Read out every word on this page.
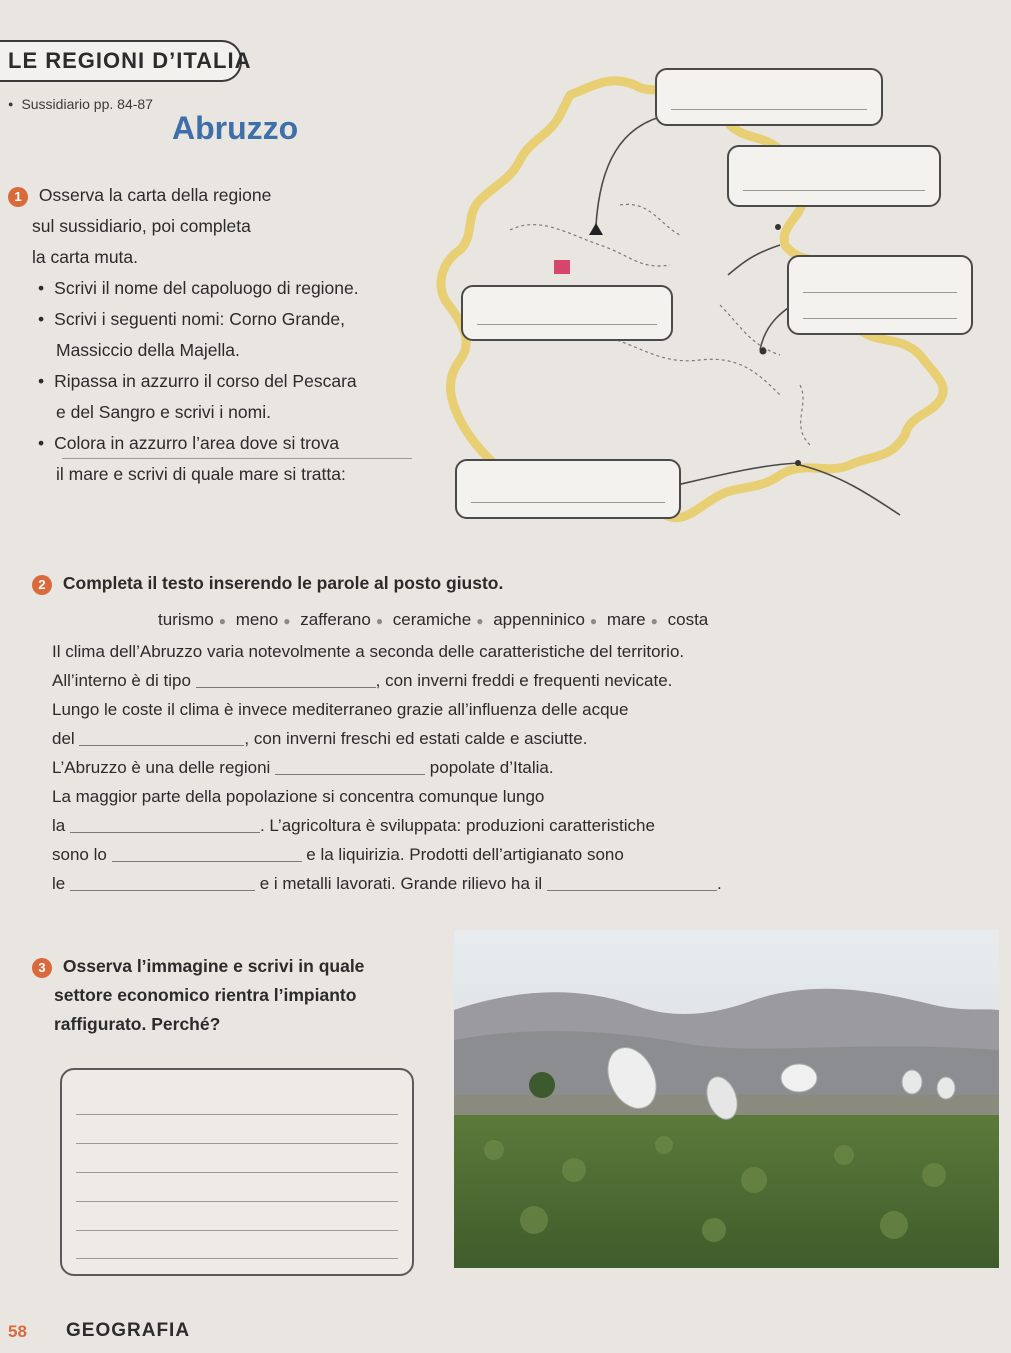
LE REGIONI D’ITALIA
● Sussidiario pp. 84-87
Abruzzo
1 Osserva la carta della regione
sul sussidiario, poi completa
la carta muta.
• Scrivi il nome del capoluogo di regione.
• Scrivi i seguenti nomi: Corno Grande,
Massiccio della Majella.
• Ripassa in azzurro il corso del Pescara
e del Sangro e scrivi i nomi.
• Colora in azzurro l’area dove si trova
il mare e scrivi di quale mare si tratta:
2 Completa il testo inserendo le parole al posto giusto.
turismo ● meno ● zafferano ● ceramiche ● appenninico ● mare ● costa
Il clima dell’Abruzzo varia notevolmente a seconda delle caratteristiche del territorio.
All’interno è di tipo	, con inverni freddi e frequenti nevicate.
Lungo le coste il clima è invece mediterraneo grazie all’influenza delle acque
del	, con inverni freschi ed estati calde e asciutte.
L’Abruzzo è una delle regioni	popolate d’Italia.
La maggior parte della popolazione si concentra comunque lungo
la	. L’agricoltura è sviluppata: produzioni caratteristiche
sono lo	e la liquirizia. Prodotti dell’artigianato sono
le	e i metalli lavorati. Grande rilievo ha il	.
3 Osserva l’immagine e scrivi in quale
settore economico rientra l’impianto
raffigurato. Perché?
58 GEOGRAFIA
